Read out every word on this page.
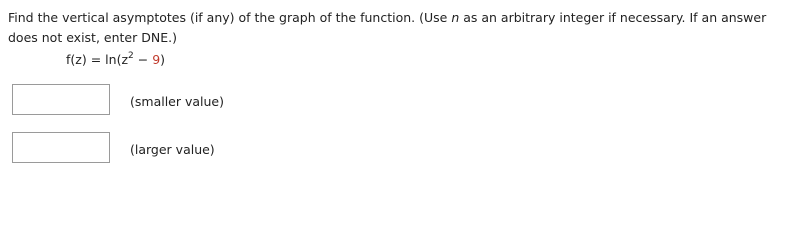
Find the vertical asymptotes (if any) of the graph of the function. (Use n as an arbitrary integer if necessary. If an answer does not exist, enter DNE.)
$f(z) = \ln(z^2 - 9)$
(smaller value)
(larger value)
